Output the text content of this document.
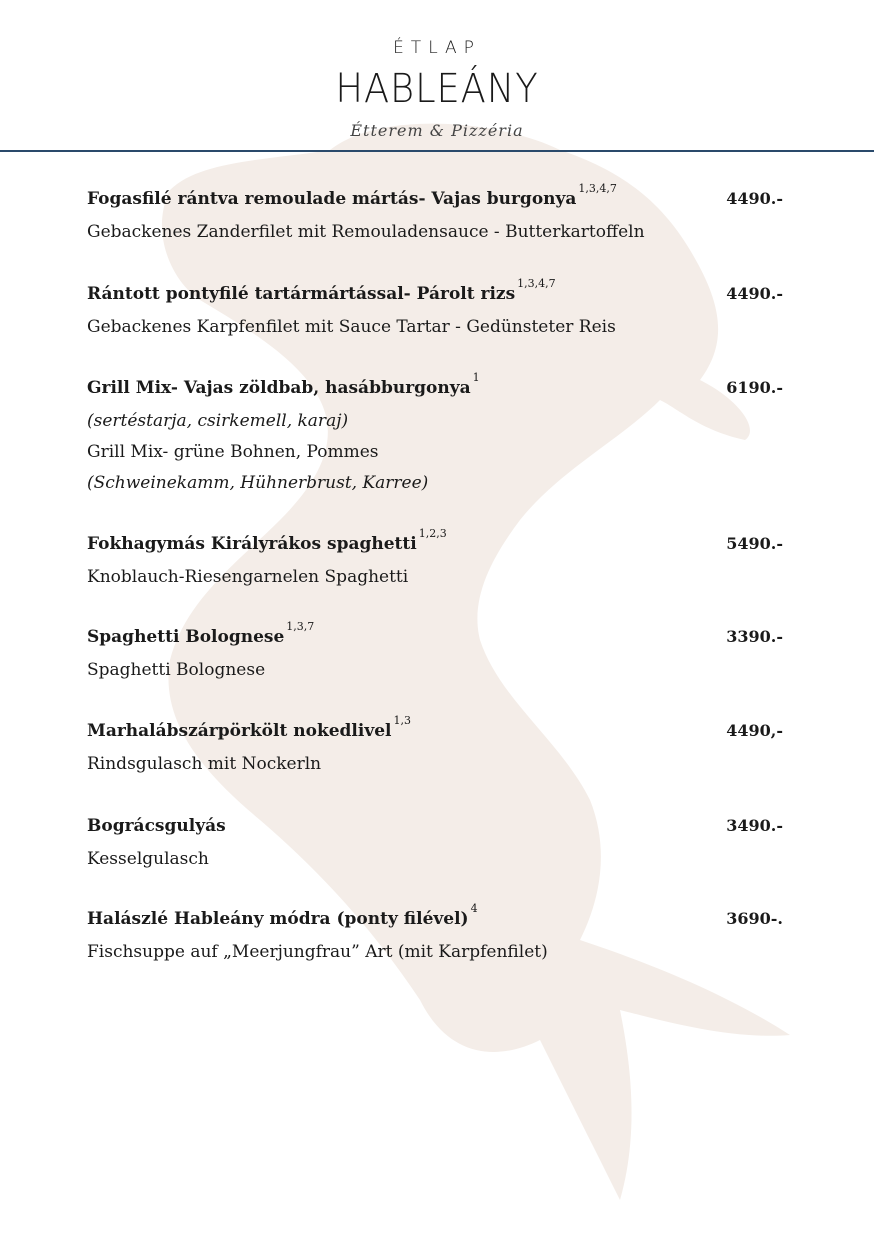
ÉTLAP
HABLEÁNY
Étterem & Pizzéria
Fogasfilé rántva remoulade mártás- Vajas burgonya$^{1,3,4,7}$
4490.-
Gebackenes Zanderfilet mit Remouladensauce - Butterkartoffeln
Rántott pontyfilé tartármártással- Párolt rizs$^{1,3,4,7}$
4490.-
Gebackenes Karpfenfilet mit Sauce Tartar - Gedünsteter Reis
Grill Mix- Vajas zöldbab, hasábburgonya$^1$
6190.-
(sertéstarja, csirkemell, karaj)
Grill Mix- grüne Bohnen, Pommes
(Schweinekamm, Hühnerbrust, Karree)
Fokhagymás Királyrákos spaghetti$^{1,2,3}$
5490.-
Knoblauch-Riesengarnelen Spaghetti
Spaghetti Bolognese$^{1,3,7}$
3390.-
Spaghetti Bolognese
Marhalábszárpörkölt nokedlivel$^{1,3}$
4490,-
Rindsgulasch mit Nockerln
Bográcsgulyás	3490.-
Kesselgulasch
Halászlé Hableány módra (ponty filével)$^4$
3690-.
Fischsuppe auf „Meerjungfrau” Art (mit Karpfenfilet)
